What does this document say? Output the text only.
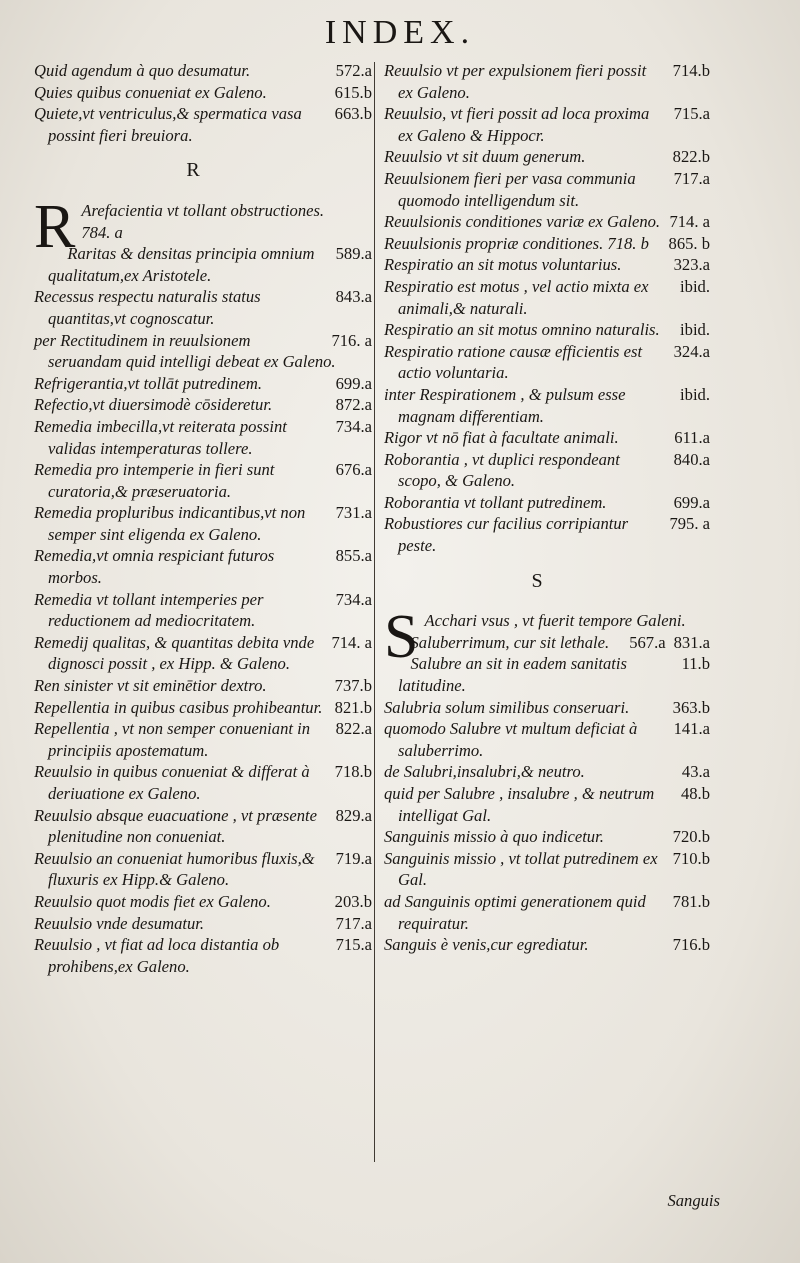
INDEX.
572.a
Quid agendum à quo desumatur.
615.b
Quies quibus conueniat ex Galeno.
663.b
Quiete,vt ventriculus,& spermatica vasa possint fieri breuiora.
R
R Arefacientia vt tollant obstructiones.
784. a
589.a
Raritas & densitas principia omnium qualitatum,ex Aristotele.
843.a
Recessus respectu naturalis status quantitas,vt cognoscatur.
716. a
per Rectitudinem in reuulsionem seruandam quid intelligi debeat ex Galeno.
699.a
Refrigerantia,vt tollāt putredinem.
872.a
Refectio,vt diuersimodè cōsideretur.
734.a
Remedia imbecilla,vt reiterata possint validas intemperaturas tollere.
676.a
Remedia pro intemperie in fieri sunt curatoria,& præseruatoria.
731.a
Remedia propluribus indicantibus,vt non semper sint eligenda ex Galeno.
855.a
Remedia,vt omnia respiciant futuros morbos.
734.a
Remedia vt tollant intemperies per reductionem ad mediocritatem.
714. a
Remedij qualitas, & quantitas debita vnde dignosci possit , ex Hipp. & Galeno.
737.b
Ren sinister vt sit eminētior dextro.
821.b
Repellentia in quibus casibus prohibeantur.
822.a
Repellentia , vt non semper conueniant in principiis apostematum.
718.b
Reuulsio in quibus conueniat & differat à deriuatione ex Galeno.
829.a
Reuulsio absque euacuatione , vt præsente plenitudine non conueniat.
719.a
Reuulsio an conueniat humoribus fluxis,& fluxuris ex Hipp.& Galeno.
203.b
Reuulsio quot modis fiet ex Galeno.
717.a
Reuulsio vnde desumatur.
715.a
Reuulsio , vt fiat ad loca distantia ob prohibens,ex Galeno.
714.b
Reuulsio vt per expulsionem fieri possit ex Galeno.
715.a
Reuulsio, vt fieri possit ad loca proxima ex Galeno & Hippocr.
822.b
Reuulsio vt sit duum generum.
717.a
Reuulsionem fieri per vasa communia quomodo intelligendum sit.
714. a
Reuulsionis conditiones variæ ex Galeno.
865. b
Reuulsionis propriæ conditiones. 718. b
323.a
Respiratio an sit motus voluntarius.
ibid.
Respiratio est motus , vel actio mixta ex animali,& naturali.
ibid.
Respiratio an sit motus omnino naturalis.
324.a
Respiratio ratione causæ efficientis est actio voluntaria.
ibid.
inter Respirationem , & pulsum esse magnam differentiam.
611.a
Rigor vt nō fiat à facultate animali.
840.a
Roborantia , vt duplici respondeant scopo, & Galeno.
699.a
Roborantia vt tollant putredinem.
795. a
Robustiores cur facilius corripiantur peste.
S
S Acchari vsus , vt fuerit tempore Galeni.
831.a
567.a
Saluberrimum, cur sit lethale.
11.b
Salubre an sit in eadem sanitatis latitudine.
363.b
Salubria solum similibus conseruari.
141.a
quomodo Salubre vt multum deficiat à saluberrimo.
43.a
de Salubri,insalubri,& neutro.
48.b
quid per Salubre , insalubre , & neutrum intelligat Gal.
720.b
Sanguinis missio à quo indicetur.
710.b
Sanguinis missio , vt tollat putredinem ex Gal.
781.b
ad Sanguinis optimi generationem quid requiratur.
716.b
Sanguis è venis,cur egrediatur.
Sanguis
